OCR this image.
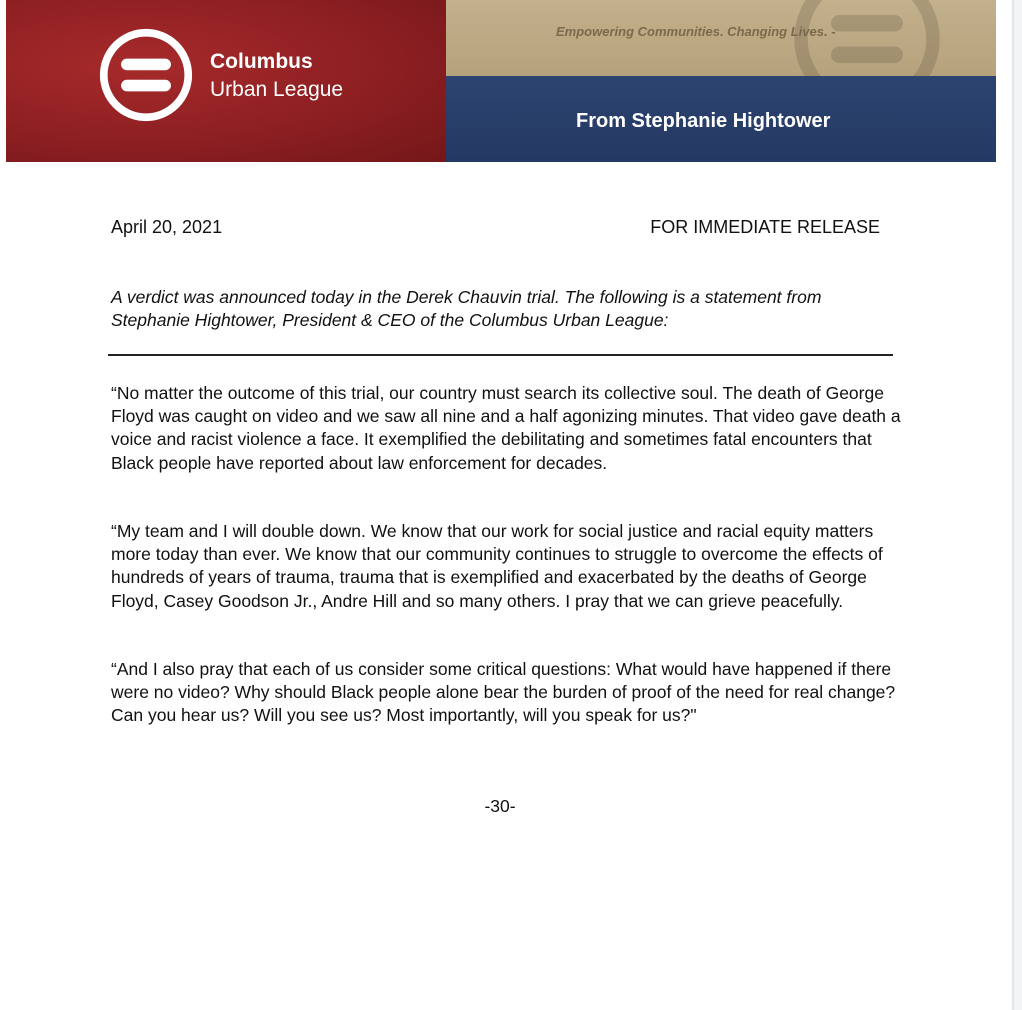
Empowering Communities. Changing Lives. -
From Stephanie Hightower
Columbus
Urban League
April 20, 2021	FOR IMMEDIATE RELEASE

A verdict was announced today in the Derek Chauvin trial. The following is a statement from Stephanie Hightower, President & CEO of the Columbus Urban League:

“No matter the outcome of this trial, our country must search its collective soul. The death of George Floyd was caught on video and we saw all nine and a half agonizing minutes. That video gave death a voice and racist violence a face. It exemplified the debilitating and sometimes fatal encounters that Black people have reported about law enforcement for decades.

“My team and I will double down. We know that our work for social justice and racial equity matters more today than ever. We know that our community continues to struggle to overcome the effects of hundreds of years of trauma, trauma that is exemplified and exacerbated by the deaths of George Floyd, Casey Goodson Jr., Andre Hill and so many others. I pray that we can grieve peacefully.

“And I also pray that each of us consider some critical questions: What would have happened if there were no video? Why should Black people alone bear the burden of proof of the need for real change? Can you hear us? Will you see us? Most importantly, will you speak for us?"

-30-
